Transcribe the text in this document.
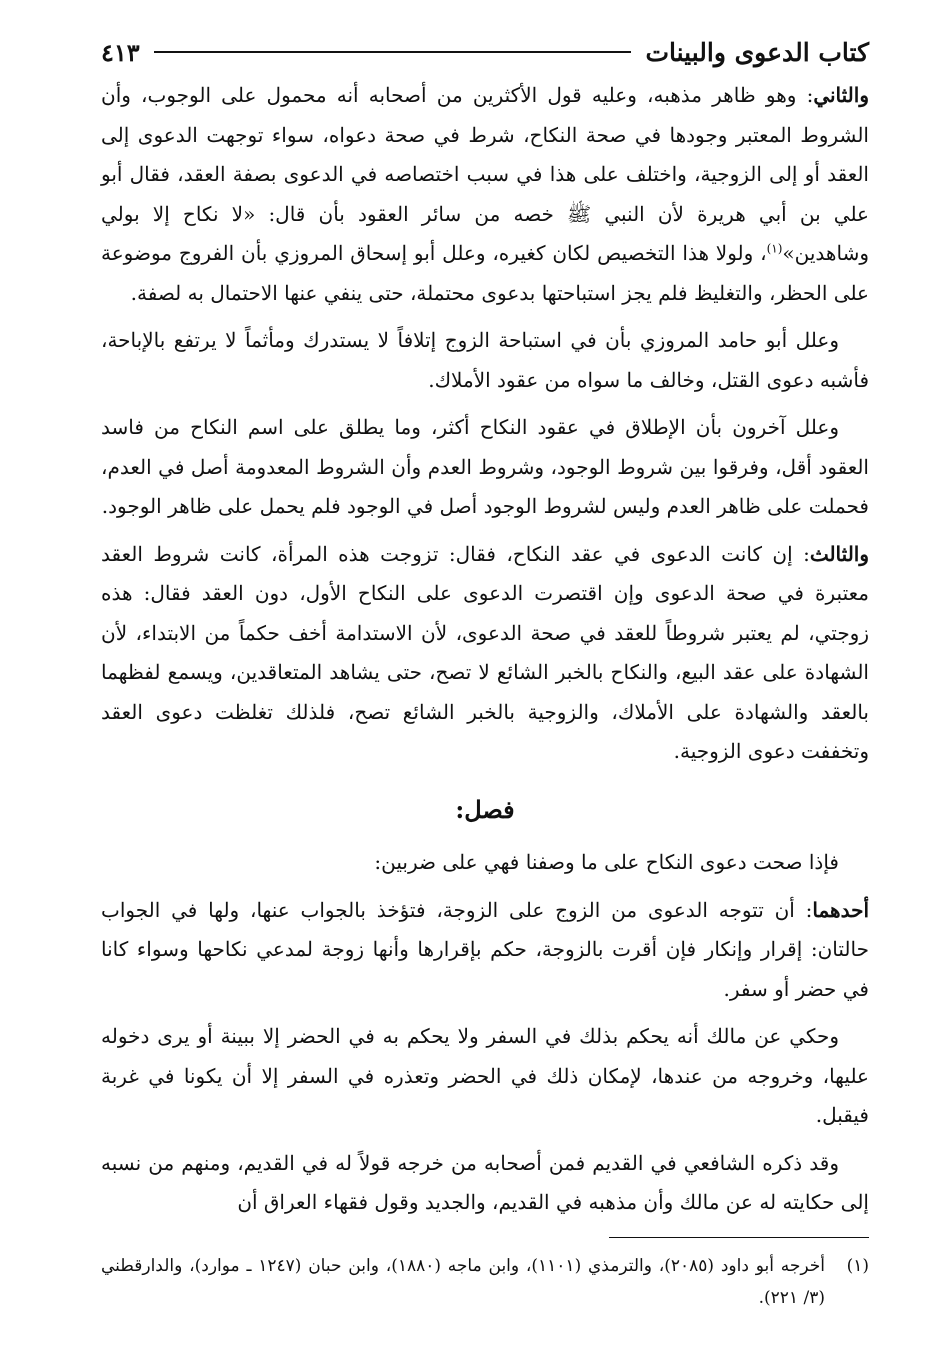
كتاب الدعوى والبينات
٤١٣

والثاني: وهو ظاهر مذهبه، وعليه قول الأكثرين من أصحابه أنه محمول على الوجوب، وأن الشروط المعتبر وجودها في صحة النكاح، شرط في صحة دعواه، سواء توجهت الدعوى إلى العقد أو إلى الزوجية، واختلف على هذا في سبب اختصاصه في الدعوى بصفة العقد، فقال أبو علي بن أبي هريرة لأن النبي ﷺ خصه من سائر العقود بأن قال: «لا نكاح إلا بولي وشاهدين»$^{(١)}$، ولولا هذا التخصيص لكان كغيره، وعلل أبو إسحاق المروزي بأن الفروج موضوعة على الحظر، والتغليظ فلم يجز استباحتها بدعوى محتملة، حتى ينفي عنها الاحتمال به لصفة.

وعلل أبو حامد المروزي بأن في استباحة الزوج إتلافاً لا يستدرك ومأثماً لا يرتفع بالإباحة، فأشبه دعوى القتل، وخالف ما سواه من عقود الأملاك.

وعلل آخرون بأن الإطلاق في عقود النكاح أكثر، وما يطلق على اسم النكاح من فاسد العقود أقل، وفرقوا بين شروط الوجود، وشروط العدم وأن الشروط المعدومة أصل في العدم، فحملت على ظاهر العدم وليس لشروط الوجود أصل في الوجود فلم يحمل على ظاهر الوجود.

والثالث: إن كانت الدعوى في عقد النكاح، فقال: تزوجت هذه المرأة، كانت شروط العقد معتبرة في صحة الدعوى وإن اقتصرت الدعوى على النكاح الأول، دون العقد فقال: هذه زوجتي، لم يعتبر شروطاً للعقد في صحة الدعوى، لأن الاستدامة أخف حكماً من الابتداء، لأن الشهادة على عقد البيع، والنكاح بالخبر الشائع لا تصح، حتى يشاهد المتعاقدين، ويسمع لفظهما بالعقد والشهادة على الأملاك، والزوجية بالخبر الشائع تصح، فلذلك تغلظت دعوى العقد وتخففت دعوى الزوجية.

فصل:

فإذا صحت دعوى النكاح على ما وصفنا فهي على ضربين:

أحدهما: أن تتوجه الدعوى من الزوج على الزوجة، فتؤخذ بالجواب عنها، ولها في الجواب حالتان: إقرار وإنكار فإن أقرت بالزوجة، حكم بإقرارها وأنها زوجة لمدعي نكاحها وسواء كانا في حضر أو سفر.

وحكي عن مالك أنه يحكم بذلك في السفر ولا يحكم به في الحضر إلا ببينة أو يرى دخوله عليها، وخروجه من عندها، لإمكان ذلك في الحضر وتعذره في السفر إلا أن يكونا في غربة فيقبل.

وقد ذكره الشافعي في القديم فمن أصحابه من خرجه قولاً له في القديم، ومنهم من نسبه إلى حكايته له عن مالك وأن مذهبه في القديم، والجديد وقول فقهاء العراق أن

(١)
أخرجه أبو داود (٢٠٨٥)، والترمذي (١١٠١)، وابن ماجه (١٨٨٠)، وابن حبان (١٢٤٧ ـ موارد)، والدارقطني (٣/ ٢٢١).
